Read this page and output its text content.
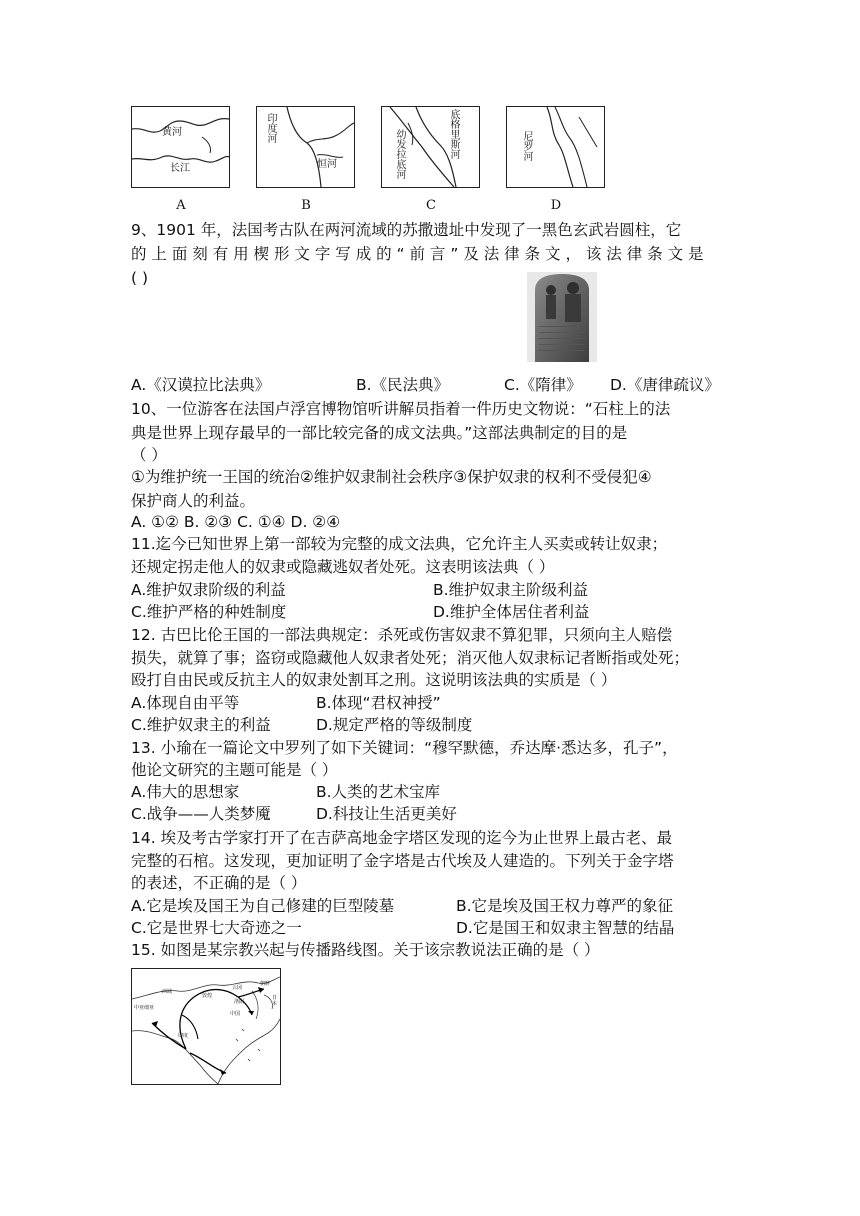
黄河
长江
印度河
恒河	幼发拉底河	底格里斯河	尼罗河
A	B	C	D
9、1901 年，法国考古队在两河流域的苏撒遗址中发现了一黑色玄武岩圆柱，它
的 上 面 刻 有 用 楔 形 文 字 写 成 的 “ 前 言 ” 及 法 律 条 文 ， 该 法 律 条 文 是
( )
A.《汉谟拉比法典》	B.《民法典》	C.《隋律》 D.《唐律疏议》
10、一位游客在法国卢浮宫博物馆听讲解员指着一件历史文物说：“石柱上的法
典是世界上现存最早的一部比较完备的成文法典。”这部法典制定的目的是
（ ）
①为维护统一王国的统治②维护奴隶制社会秩序③保护奴隶的权利不受侵犯④
保护商人的利益。
A. ①② B. ②③ C. ①④ D. ②④
11.迄今已知世界上第一部较为完整的成文法典，它允许主人买卖或转让奴隶；
还规定拐走他人的奴隶或隐藏逃奴者处死。这表明该法典（ ）
A.维护奴隶阶级的利益	B.维护奴隶主阶级利益
C.维护严格的种姓制度	D.维护全体居住者利益
12. 古巴比伦王国的一部法典规定：杀死或伤害奴隶不算犯罪，只须向主人赔偿
损失，就算了事；盗窃或隐藏他人奴隶者处死；消灭他人奴隶标记者断指或处死；
殴打自由民或反抗主人的奴隶处割耳之刑。这说明该法典的实质是（ ）
A.体现自由平等	B.体现“君权神授”
C.维护奴隶主的利益	D.规定严格的等级制度
13. 小瑜在一篇论文中罗列了如下关键词：“穆罕默德，乔达摩·悉达多，孔子”，
他论文研究的主题可能是（ ）
A.伟大的思想家	B.人类的艺术宝库
C.战争——人类梦魇	D.科技让生活更美好
14. 埃及考古学家打开了在吉萨高地金字塔区发现的迄今为止世界上最古老、最
完整的石棺。这发现，更加证明了金字塔是古代埃及人建造的。下列关于金字塔
的表述，不正确的是（ ）
A.它是埃及国王为自己修建的巨型陵墓	B.它是埃及国王权力尊严的象征
C.它是世界七大奇迹之一	D.它是国王和奴隶主智慧的结晶
15. 如图是某宗教兴起与传播路线图。关于该宗教说法正确的是（ ）
西域
敦煌
云冈
洛阳
中国
朝鲜
日本
中亚细亚
印度
